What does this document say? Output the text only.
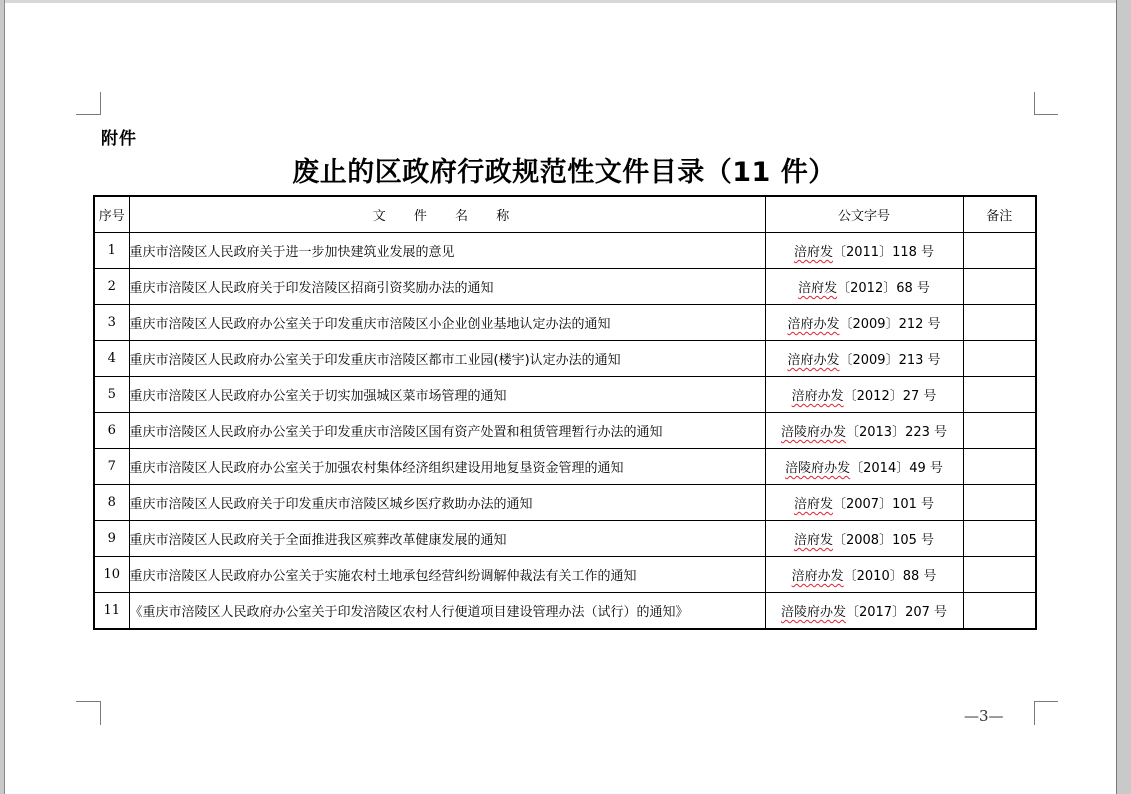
附件
废止的区政府行政规范性文件目录（11 件）
序号	文 件 名 称	公文字号	备注
1	重庆市涪陵区人民政府关于进一步加快建筑业发展的意见	涪府发〔2011〕118 号	
2	重庆市涪陵区人民政府关于印发涪陵区招商引资奖励办法的通知	涪府发〔2012〕68 号	
3	重庆市涪陵区人民政府办公室关于印发重庆市涪陵区小企业创业基地认定办法的通知	涪府办发〔2009〕212 号	
4	重庆市涪陵区人民政府办公室关于印发重庆市涪陵区都市工业园(楼宇)认定办法的通知	涪府办发〔2009〕213 号	
5	重庆市涪陵区人民政府办公室关于切实加强城区菜市场管理的通知	涪府办发〔2012〕27 号	
6	重庆市涪陵区人民政府办公室关于印发重庆市涪陵区国有资产处置和租赁管理暂行办法的通知	涪陵府办发〔2013〕223 号	
7	重庆市涪陵区人民政府办公室关于加强农村集体经济组织建设用地复垦资金管理的通知	涪陵府办发〔2014〕49 号	
8	重庆市涪陵区人民政府关于印发重庆市涪陵区城乡医疗救助办法的通知	涪府发〔2007〕101 号	
9	重庆市涪陵区人民政府关于全面推进我区殡葬改革健康发展的通知	涪府发〔2008〕105 号	
10	重庆市涪陵区人民政府办公室关于实施农村土地承包经营纠纷调解仲裁法有关工作的通知	涪府办发〔2010〕88 号	
11	《重庆市涪陵区人民政府办公室关于印发涪陵区农村人行便道项目建设管理办法（试行）的通知》	涪陵府办发〔2017〕207 号	
—3—
